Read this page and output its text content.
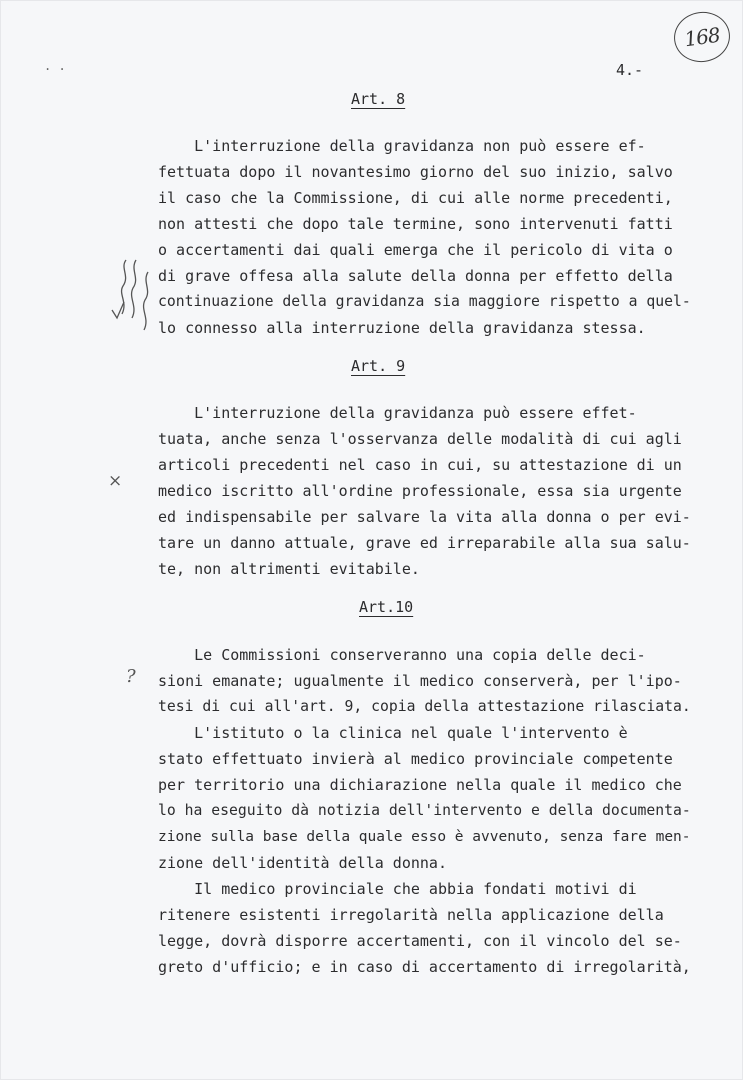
168
. .	4.-
Art. 8
L'interruzione della gravidanza non può essere ef-
fettuata dopo il novantesimo giorno del suo inizio, salvo
il caso che la Commissione, di cui alle norme precedenti,
non attesti che dopo tale termine, sono intervenuti fatti
o accertamenti dai quali emerga che il pericolo di vita o
di grave offesa alla salute della donna per effetto della
continuazione della gravidanza sia maggiore rispetto a quel-
lo connesso alla interruzione della gravidanza stessa.
Art. 9
L'interruzione della gravidanza può essere effet-
tuata, anche senza l'osservanza delle modalità di cui agli
articoli precedenti nel caso in cui, su attestazione di un
medico iscritto all'ordine professionale, essa sia urgente
ed indispensabile per salvare la vita alla donna o per evi-
tare un danno attuale, grave ed irreparabile alla sua salu-
te, non altrimenti evitabile.
×
Art.10
Le Commissioni conserveranno una copia delle deci-
sioni emanate; ugualmente il medico conserverà, per l'ipo-
tesi di cui all'art. 9, copia della attestazione rilasciata.
L'istituto o la clinica nel quale l'intervento è
stato effettuato invierà al medico provinciale competente
per territorio una dichiarazione nella quale il medico che
lo ha eseguito dà notizia dell'intervento e della documenta-
zione sulla base della quale esso è avvenuto, senza fare men-
zione dell'identità della donna.
Il medico provinciale che abbia fondati motivi di
ritenere esistenti irregolarità nella applicazione della
legge, dovrà disporre accertamenti, con il vincolo del se-
greto d'ufficio; e in caso di accertamento di irregolarità,
?
